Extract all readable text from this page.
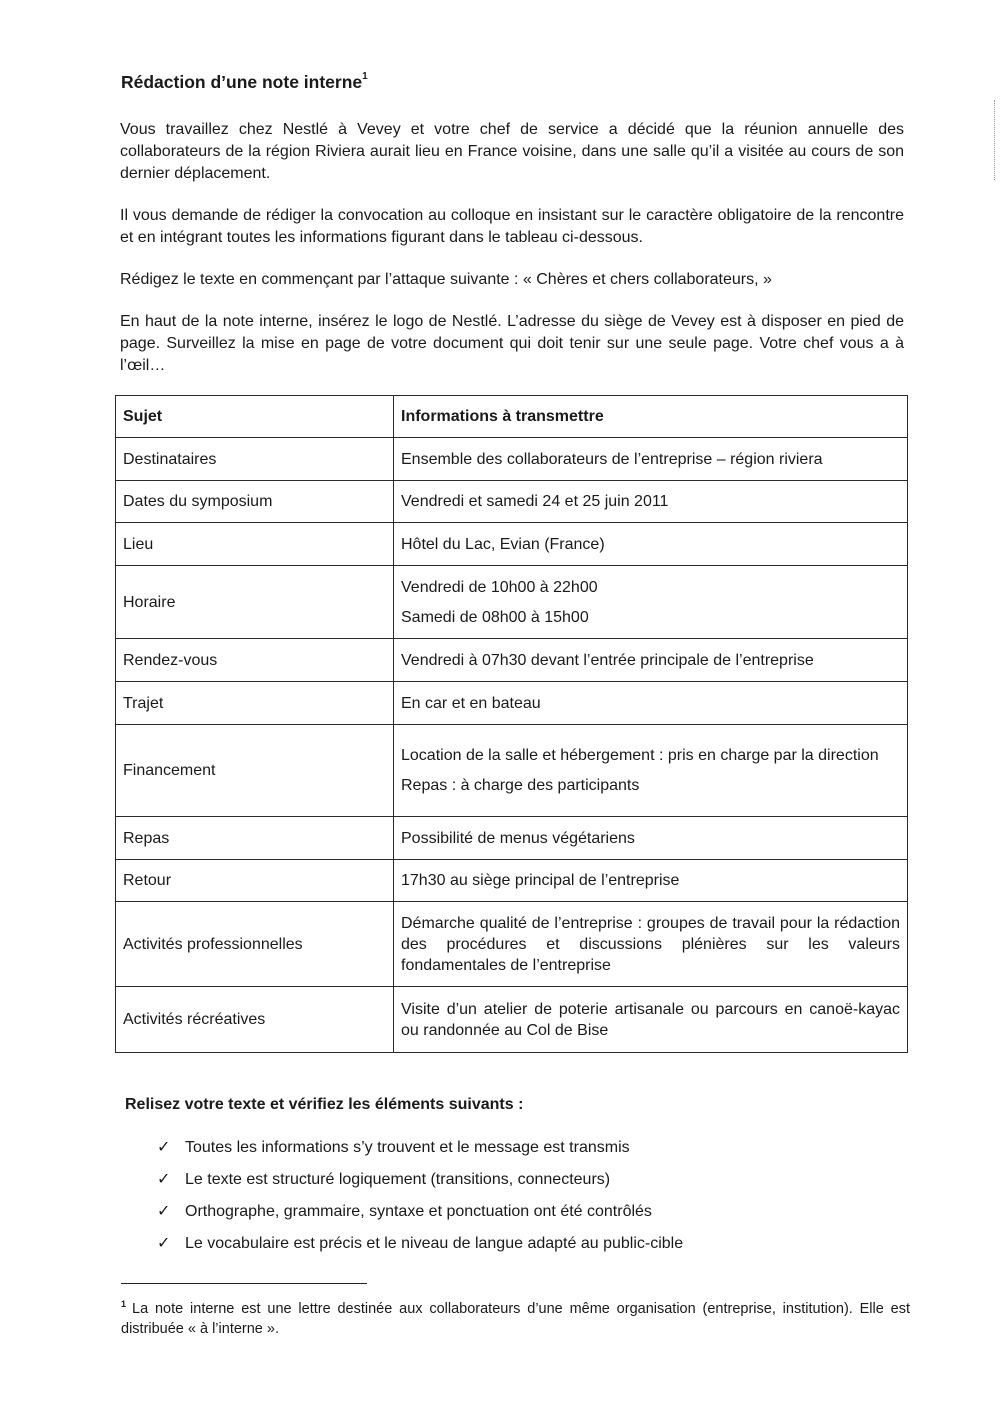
Rédaction d’une note interne$^1$

Vous travaillez chez Nestlé à Vevey et votre chef de service a décidé que la réunion annuelle des collaborateurs de la région Riviera aurait lieu en France voisine, dans une salle qu’il a visitée au cours de son dernier déplacement.

Il vous demande de rédiger la convocation au colloque en insistant sur le caractère obligatoire de la rencontre et en intégrant toutes les informations figurant dans le tableau ci-dessous.

Rédigez le texte en commençant par l’attaque suivante : « Chères et chers collaborateurs, »

En haut de la note interne, insérez le logo de Nestlé. L’adresse du siège de Vevey est à disposer en pied de page. Surveillez la mise en page de votre document qui doit tenir sur une seule page. Votre chef vous a à l’œil…

Sujet	Informations à transmettre
Destinataires	Ensemble des collaborateurs de l’entreprise – région riviera

Dates du symposium	Vendredi et samedi 24 et 25 juin 2011

Lieu	Hôtel du Lac, Evian (France)

Horaire	Vendredi de 10h00 à 22h00

Samedi de 08h00 à 15h00

Rendez-vous	Vendredi à 07h30 devant l’entrée principale de l’entreprise

Trajet	En car et en bateau

Financement	Location de la salle et hébergement : pris en charge par la direction

Repas : à charge des participants

Repas	Possibilité de menus végétariens

Retour	17h30 au siège principal de l’entreprise

Activités professionnelles	Démarche qualité de l’entreprise : groupes de travail pour la rédaction des procédures et discussions plénières sur les valeurs fondamentales de l’entreprise

Activités récréatives	Visite d’un atelier de poterie artisanale ou parcours en canoë-kayac ou randonnée au Col de Bise

Relisez votre texte et vérifiez les éléments suivants :

✓ Toutes les informations s’y trouvent et le message est transmis
✓ Le texte est structuré logiquement (transitions, connecteurs)
✓ Orthographe, grammaire, syntaxe et ponctuation ont été contrôlés
✓ Le vocabulaire est précis et le niveau de langue adapté au public-cible

$^1$ La note interne est une lettre destinée aux collaborateurs d’une même organisation (entreprise, institution). Elle est distribuée « à l’interne ».
